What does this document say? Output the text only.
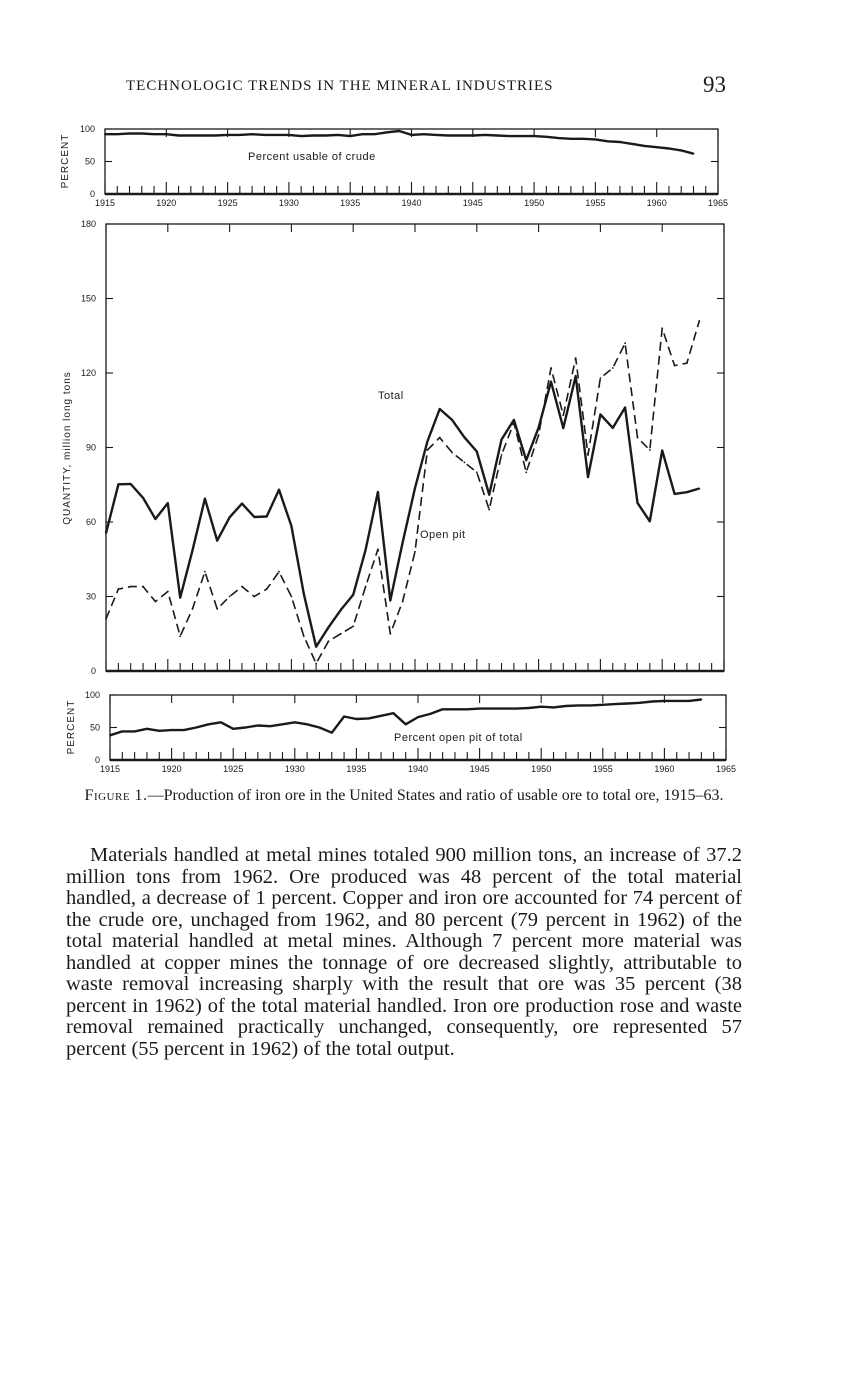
TECHNOLOGIC TRENDS IN THE MINERAL INDUSTRIES	93
1915	1920	1925	1930	1935	1940	1945	1950	1955	1960	1965
0
50
100
PERCENT	Percent usable of crude
0
30
60
90
120
150
180
QUANTITY, million long tons	Total
Open pit
1915	1920	1925	1930	1935	1940	1945	1950	1955	1960	1965
0
50
100
PERCENT	Percent open pit of total
Figure 1.—Production of iron ore in the United States and ratio of usable ore to total ore, 1915–63.

Materials handled at metal mines totaled 900 million tons, an increase of 37.2 million tons from 1962. Ore produced was 48 percent of the total material handled, a decrease of 1 percent. Copper and iron ore accounted for 74 percent of the crude ore, unchaged from 1962, and 80 percent (79 percent in 1962) of the total material handled at metal mines. Although 7 percent more material was handled at copper mines the tonnage of ore decreased slightly, attributable to waste removal increasing sharply with the result that ore was 35 percent (38 percent in 1962) of the total material handled. Iron ore production rose and waste removal remained practically unchanged, consequently, ore represented 57 percent (55 percent in 1962) of the total output.
